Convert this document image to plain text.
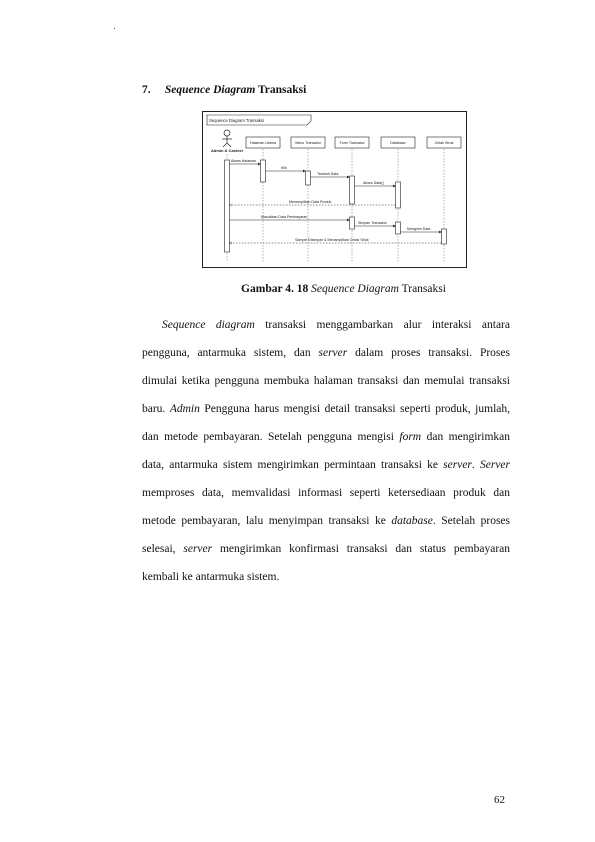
7. Sequence Diagram Transaksi
Sequence Diagram Transaksi
Admin & Cashier
Halaman Utama	Menu Transaksi	Form Transaksi	Database	Cetak Struk
Akses Halaman
Klik
Tambah Data
Akses Data()
Menampilkan Data Produk
Masukkan Data Pembayaran
Simpan Transaksi
Mengirim Data
Sampel Disimpan & Menampilkan Cetak Struk
Gambar 4. 18 Sequence Diagram Transaksi
Sequence diagram transaksi menggambarkan alur interaksi antara
pengguna, antarmuka sistem, dan server dalam proses transaksi. Proses
dimulai ketika pengguna membuka halaman transaksi dan memulai transaksi
baru. Admin Pengguna harus mengisi detail transaksi seperti produk, jumlah,
dan metode pembayaran. Setelah pengguna mengisi form dan mengirimkan
data, antarmuka sistem mengirimkan permintaan transaksi ke server. Server
memproses data, memvalidasi informasi seperti ketersediaan produk dan
metode pembayaran, lalu menyimpan transaksi ke database. Setelah proses
selesai, server mengirimkan konfirmasi transaksi dan status pembayaran
kembali ke antarmuka sistem.
62
